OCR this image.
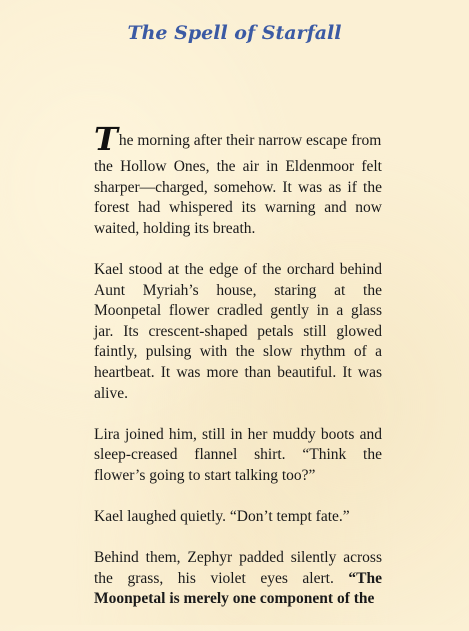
The Spell of Starfall
T he morning after their narrow escape from

the Hollow Ones, the air in Eldenmoor felt sharper—charged, somehow. It was as if the forest had whispered its warning and now waited, holding its breath.

Kael stood at the edge of the orchard behind Aunt Myriah’s house, staring at the Moonpetal flower cradled gently in a glass jar. Its crescent-shaped petals still glowed faintly, pulsing with the slow rhythm of a heartbeat. It was more than beautiful. It was alive.

Lira joined him, still in her muddy boots and sleep-creased flannel shirt. “Think the flower’s going to start talking too?”

Kael laughed quietly. “Don’t tempt fate.”

Behind them, Zephyr padded silently across the grass, his violet eyes alert. “The Moonpetal is merely one component of the
